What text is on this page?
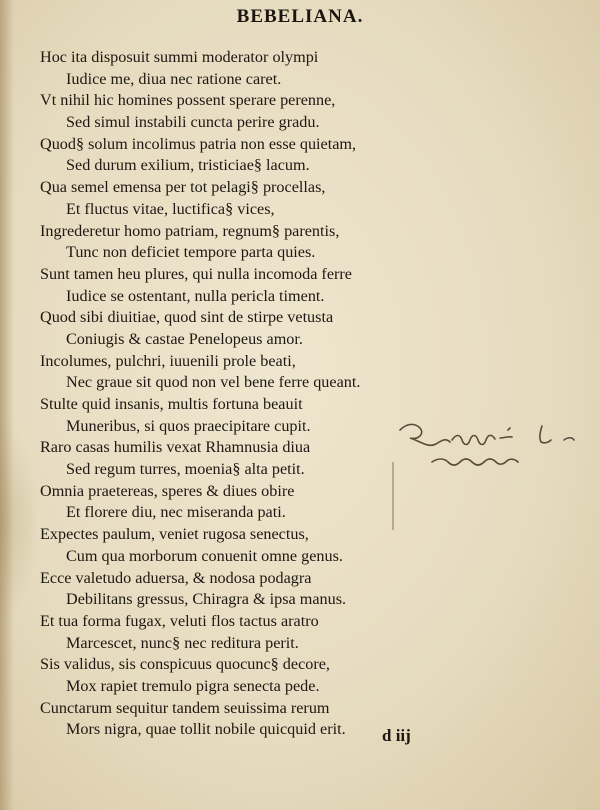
BEBELIANA.
Hoc ita disposuit summi moderator olympi
Iudice me, diua nec ratione caret.
Vt nihil hic homines possent sperare perenne,
Sed simul instabili cuncta perire gradu.
Quod§ solum incolimus patria non esse quietam,
Sed durum exilium, tristiciae§ lacum.
Qua semel emensa per tot pelagi§ procellas,
Et fluctus vitae, luctifica§ vices,
Ingrederetur homo patriam, regnum§ parentis,
Tunc non deficiet tempore parta quies.
Sunt tamen heu plures, qui nulla incomoda ferre
Iudice se ostentant, nulla pericla timent.
Quod sibi diuitiae, quod sint de stirpe vetusta
Coniugis & castae Penelopeus amor.
Incolumes, pulchri, iuuenili prole beati,
Nec graue sit quod non vel bene ferre queant.
Stulte quid insanis, multis fortuna beauit
Muneribus, si quos praecipitare cupit.
Raro casas humilis vexat Rhamnusia diua
Sed regum turres, moenia§ alta petit.
Omnia praetereas, speres & diues obire
Et florere diu, nec miseranda pati.
Expectes paulum, veniet rugosa senectus,
Cum qua morborum conuenit omne genus.
Ecce valetudo aduersa, & nodosa podagra
Debilitans gressus, Chiragra & ipsa manus.
Et tua forma fugax, veluti flos tactus aratro
Marcescet, nunc§ nec reditura perit.
Sis validus, sis conspicuus quocunc§ decore,
Mox rapiet tremulo pigra senecta pede.
Cunctarum sequitur tandem seuissima rerum
Mors nigra, quae tollit nobile quicquid erit.	d iij
